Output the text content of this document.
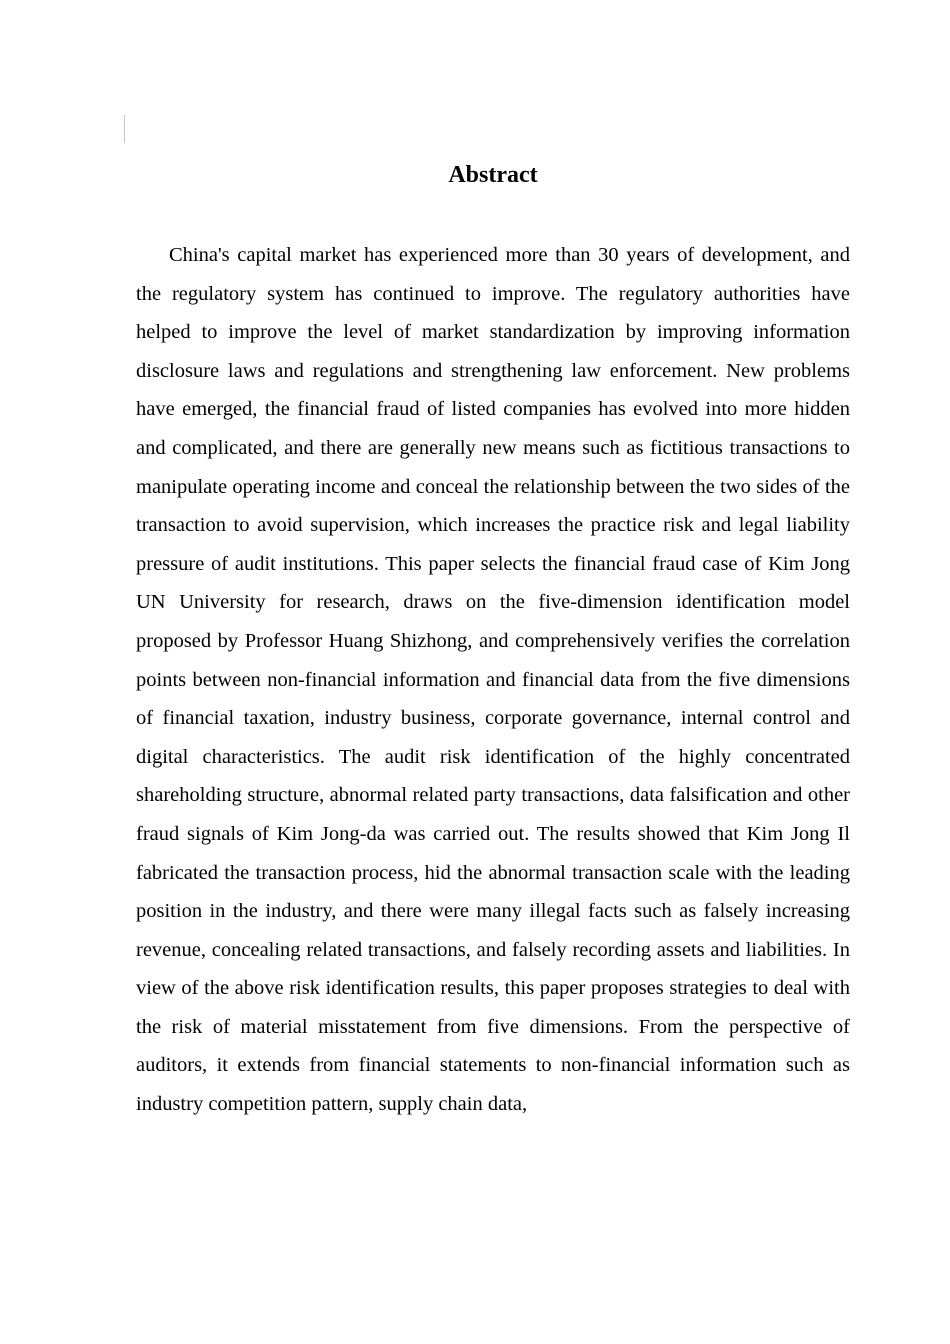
Abstract

China's capital market has experienced more than 30 years of development, and the regulatory system has continued to improve. The regulatory authorities have helped to improve the level of market standardization by improving information disclosure laws and regulations and strengthening law enforcement. New problems have emerged, the financial fraud of listed companies has evolved into more hidden and complicated, and there are generally new means such as fictitious transactions to manipulate operating income and conceal the relationship between the two sides of the transaction to avoid supervision, which increases the practice risk and legal liability pressure of audit institutions. This paper selects the financial fraud case of Kim Jong UN University for research, draws on the five-dimension identification model proposed by Professor Huang Shizhong, and comprehensively verifies the correlation points between non-financial information and financial data from the five dimensions of financial taxation, industry business, corporate governance, internal control and digital characteristics. The audit risk identification of the highly concentrated shareholding structure, abnormal related party transactions, data falsification and other fraud signals of Kim Jong-da was carried out. The results showed that Kim Jong Il fabricated the transaction process, hid the abnormal transaction scale with the leading position in the industry, and there were many illegal facts such as falsely increasing revenue, concealing related transactions, and falsely recording assets and liabilities. In view of the above risk identification results, this paper proposes strategies to deal with the risk of material misstatement from five dimensions. From the perspective of auditors, it extends from financial statements to non-financial information such as industry competition pattern, supply chain data,
